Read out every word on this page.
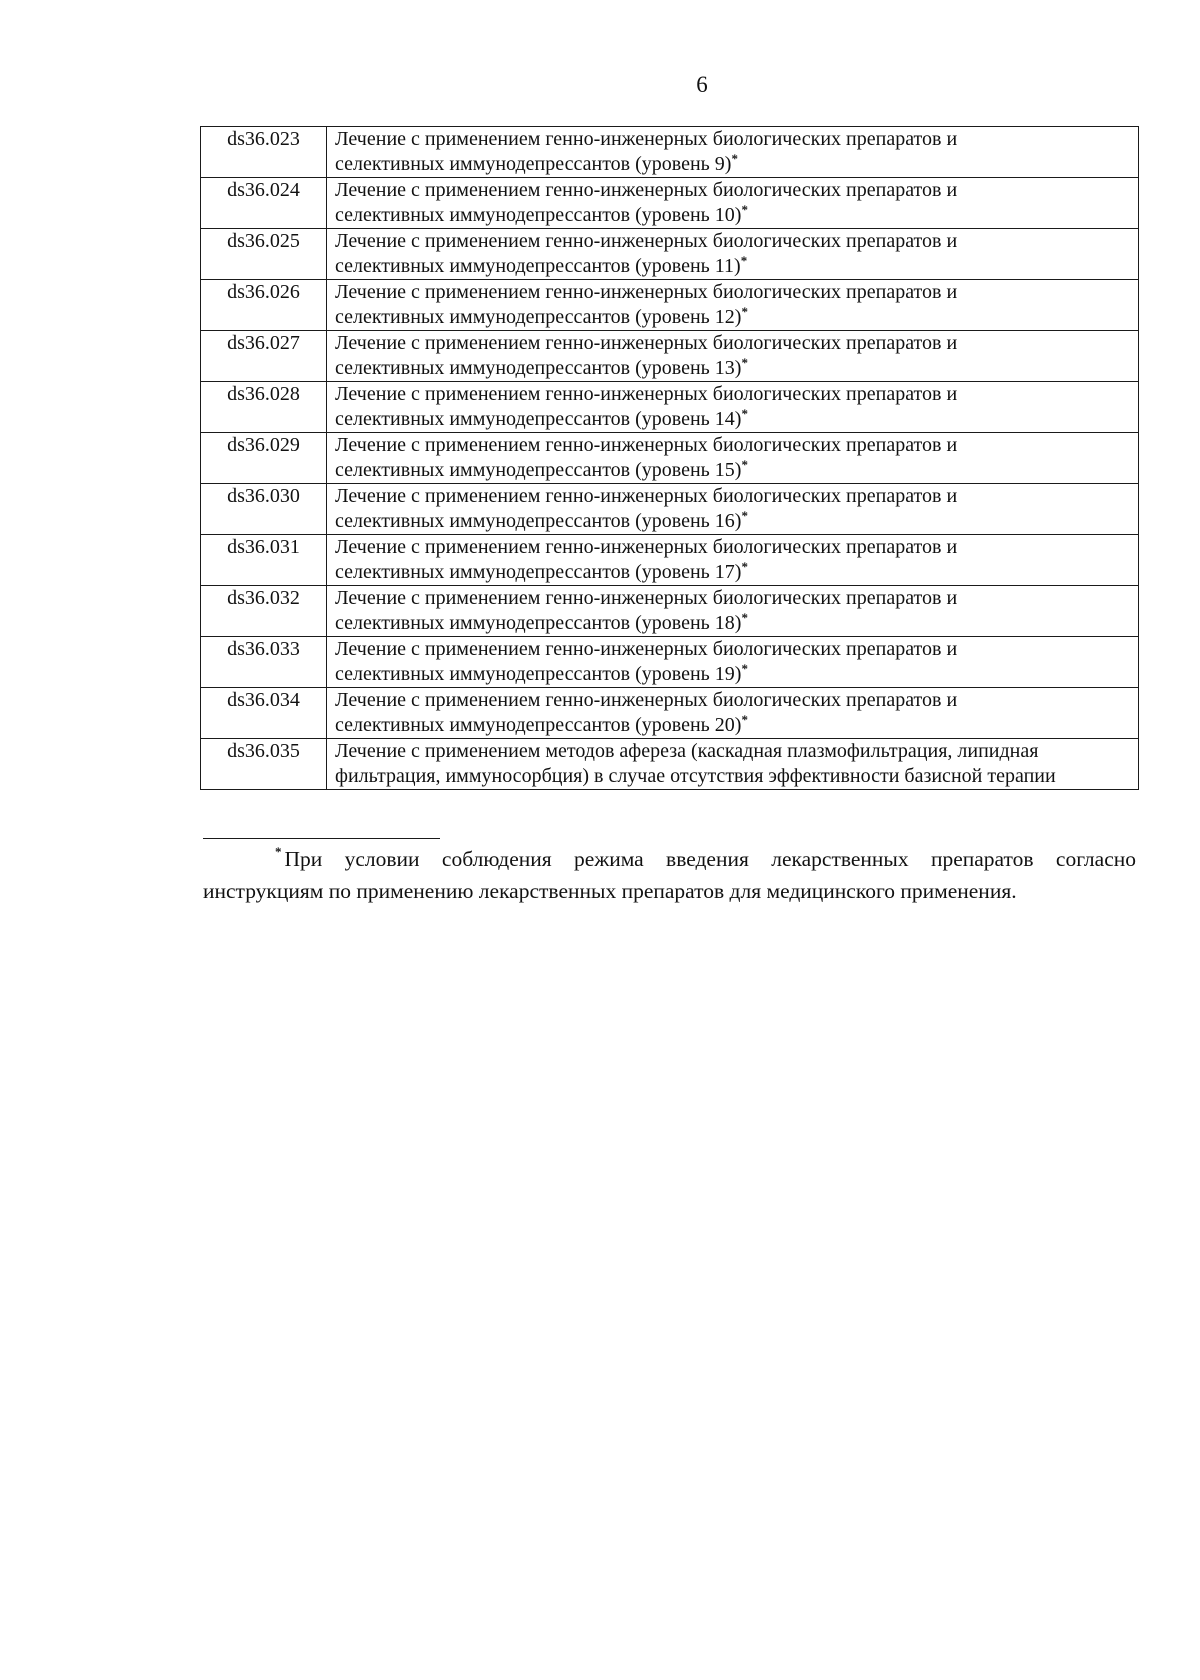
6
ds36.023	Лечение с применением генно-инженерных биологических препаратов и
селективных иммунодепрессантов (уровень 9)*

ds36.024	Лечение с применением генно-инженерных биологических препаратов и
селективных иммунодепрессантов (уровень 10)*

ds36.025	Лечение с применением генно-инженерных биологических препаратов и
селективных иммунодепрессантов (уровень 11)*

ds36.026	Лечение с применением генно-инженерных биологических препаратов и
селективных иммунодепрессантов (уровень 12)*

ds36.027	Лечение с применением генно-инженерных биологических препаратов и
селективных иммунодепрессантов (уровень 13)*

ds36.028	Лечение с применением генно-инженерных биологических препаратов и
селективных иммунодепрессантов (уровень 14)*

ds36.029	Лечение с применением генно-инженерных биологических препаратов и
селективных иммунодепрессантов (уровень 15)*

ds36.030	Лечение с применением генно-инженерных биологических препаратов и
селективных иммунодепрессантов (уровень 16)*

ds36.031	Лечение с применением генно-инженерных биологических препаратов и
селективных иммунодепрессантов (уровень 17)*

ds36.032	Лечение с применением генно-инженерных биологических препаратов и
селективных иммунодепрессантов (уровень 18)*

ds36.033	Лечение с применением генно-инженерных биологических препаратов и
селективных иммунодепрессантов (уровень 19)*

ds36.034	Лечение с применением генно-инженерных биологических препаратов и
селективных иммунодепрессантов (уровень 20)*

ds36.035	Лечение с применением методов афереза (каскадная плазмофильтрация, липидная
фильтрация, иммуносорбция) в случае отсутствия эффективности базисной терапии
* При условии соблюдения режима введения лекарственных препаратов согласно
инструкциям по применению лекарственных препаратов для медицинского применения.
